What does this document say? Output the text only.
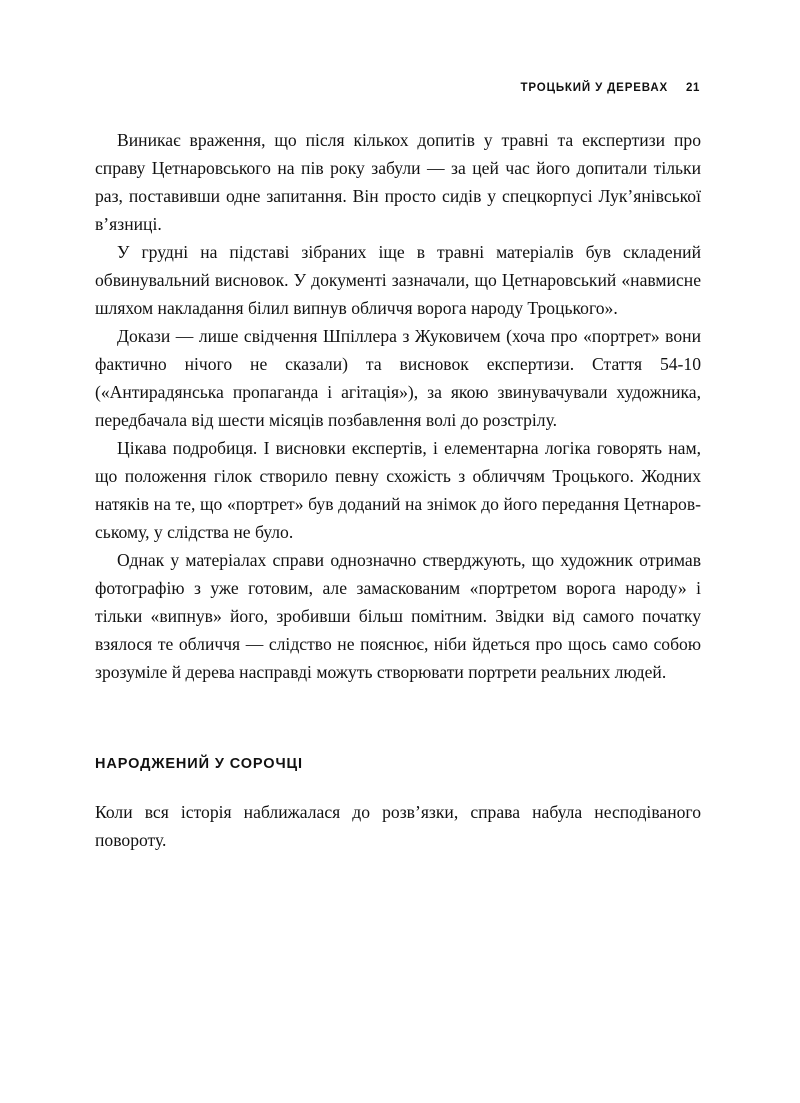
ТРОЦЬКИЙ У ДЕРЕВАХ 21

Виникає враження, що після кількох допитів у травні та експертизи про справу Цетнаровського на пів року забули — за цей час його допитали тільки раз, поставивши одне запитання. Він просто сидів у спецкорпусі Лук’янівської в’язниці.

У грудні на підставі зібраних іще в травні матеріалів був складений обвинувальний висновок. У документі зазначали, що Цетнаровський «навмисне шляхом накладання білил випнув обличчя ворога народу Троцького».

Докази — лише свідчення Шпіллера з Жуковичем (хоча про «портрет» вони фактично нічого не сказали) та висновок експертизи. Стаття 54-10 («Антирадянська пропаганда і агітація»), за якою звинувачували художника, передбачала від шести місяців позбавлення волі до розстрілу.

Цікава подробиця. І висновки експертів, і елементарна логіка говорять нам, що положення гілок створило певну схожість з обличчям Троцького. Жодних натяків на те, що «портрет» був доданий на знімок до його передання Цетнаровському, у слідства не було.

Однак у матеріалах справи однозначно стверджують, що художник отримав фотографію з уже готовим, але замаскованим «портретом ворога народу» і тільки «випнув» його, зробивши більш помітним. Звідки від самого початку взялося те обличчя — слідство не пояснює, ніби йдеться про щось само собою зрозуміле й дерева насправді можуть створювати портрети реальних людей.

НАРОДЖЕНИЙ У СОРОЧЦІ

Коли вся історія наближалася до розв’язки, справа набула несподіваного повороту.
